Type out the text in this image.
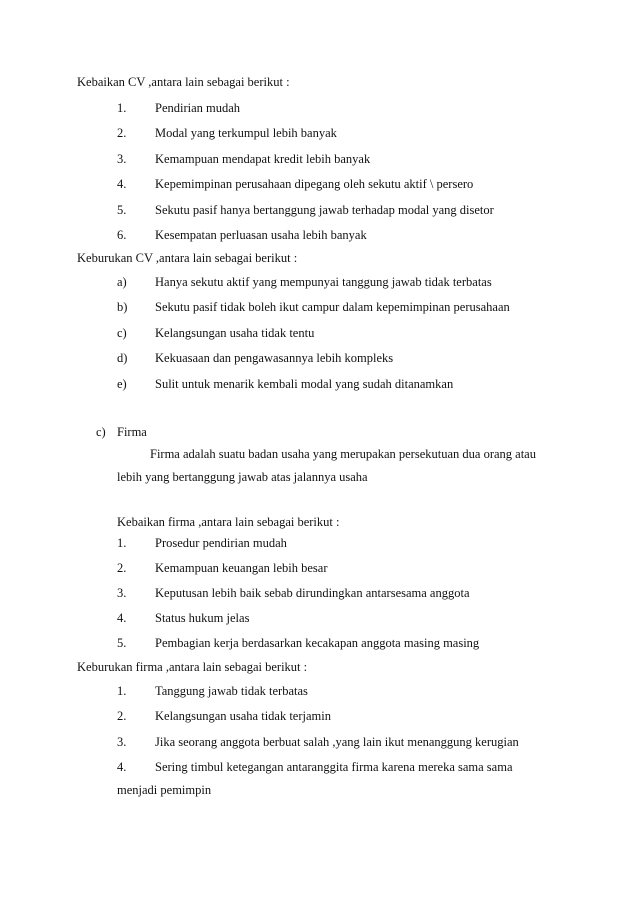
Kebaikan CV ,antara lain sebagai berikut :
1. Pendirian mudah
2. Modal yang terkumpul lebih banyak
3. Kemampuan mendapat kredit lebih banyak
4. Kepemimpinan perusahaan dipegang oleh sekutu aktif \ persero
5. Sekutu pasif hanya bertanggung jawab terhadap modal yang disetor
6. Kesempatan perluasan usaha lebih banyak
Keburukan CV ,antara lain sebagai berikut :
a) Hanya sekutu aktif yang mempunyai tanggung jawab tidak terbatas
b) Sekutu pasif tidak boleh ikut campur dalam kepemimpinan perusahaan
c) Kelangsungan usaha tidak tentu
d) Kekuasaan dan pengawasannya lebih kompleks
e) Sulit untuk menarik kembali modal yang sudah ditanamkan
c) Firma
Firma adalah suatu badan usaha yang merupakan persekutuan dua orang atau
lebih yang bertanggung jawab atas jalannya usaha
Kebaikan firma ,antara lain sebagai berikut :
1. Prosedur pendirian mudah
2. Kemampuan keuangan lebih besar
3. Keputusan lebih baik sebab dirundingkan antarsesama anggota
4. Status hukum jelas
5. Pembagian kerja berdasarkan kecakapan anggota masing masing
Keburukan firma ,antara lain sebagai berikut :
1. Tanggung jawab tidak terbatas
2. Kelangsungan usaha tidak terjamin
3. Jika seorang anggota berbuat salah ,yang lain ikut menanggung kerugian
4. Sering timbul ketegangan antaranggita firma karena mereka sama sama
menjadi pemimpin
